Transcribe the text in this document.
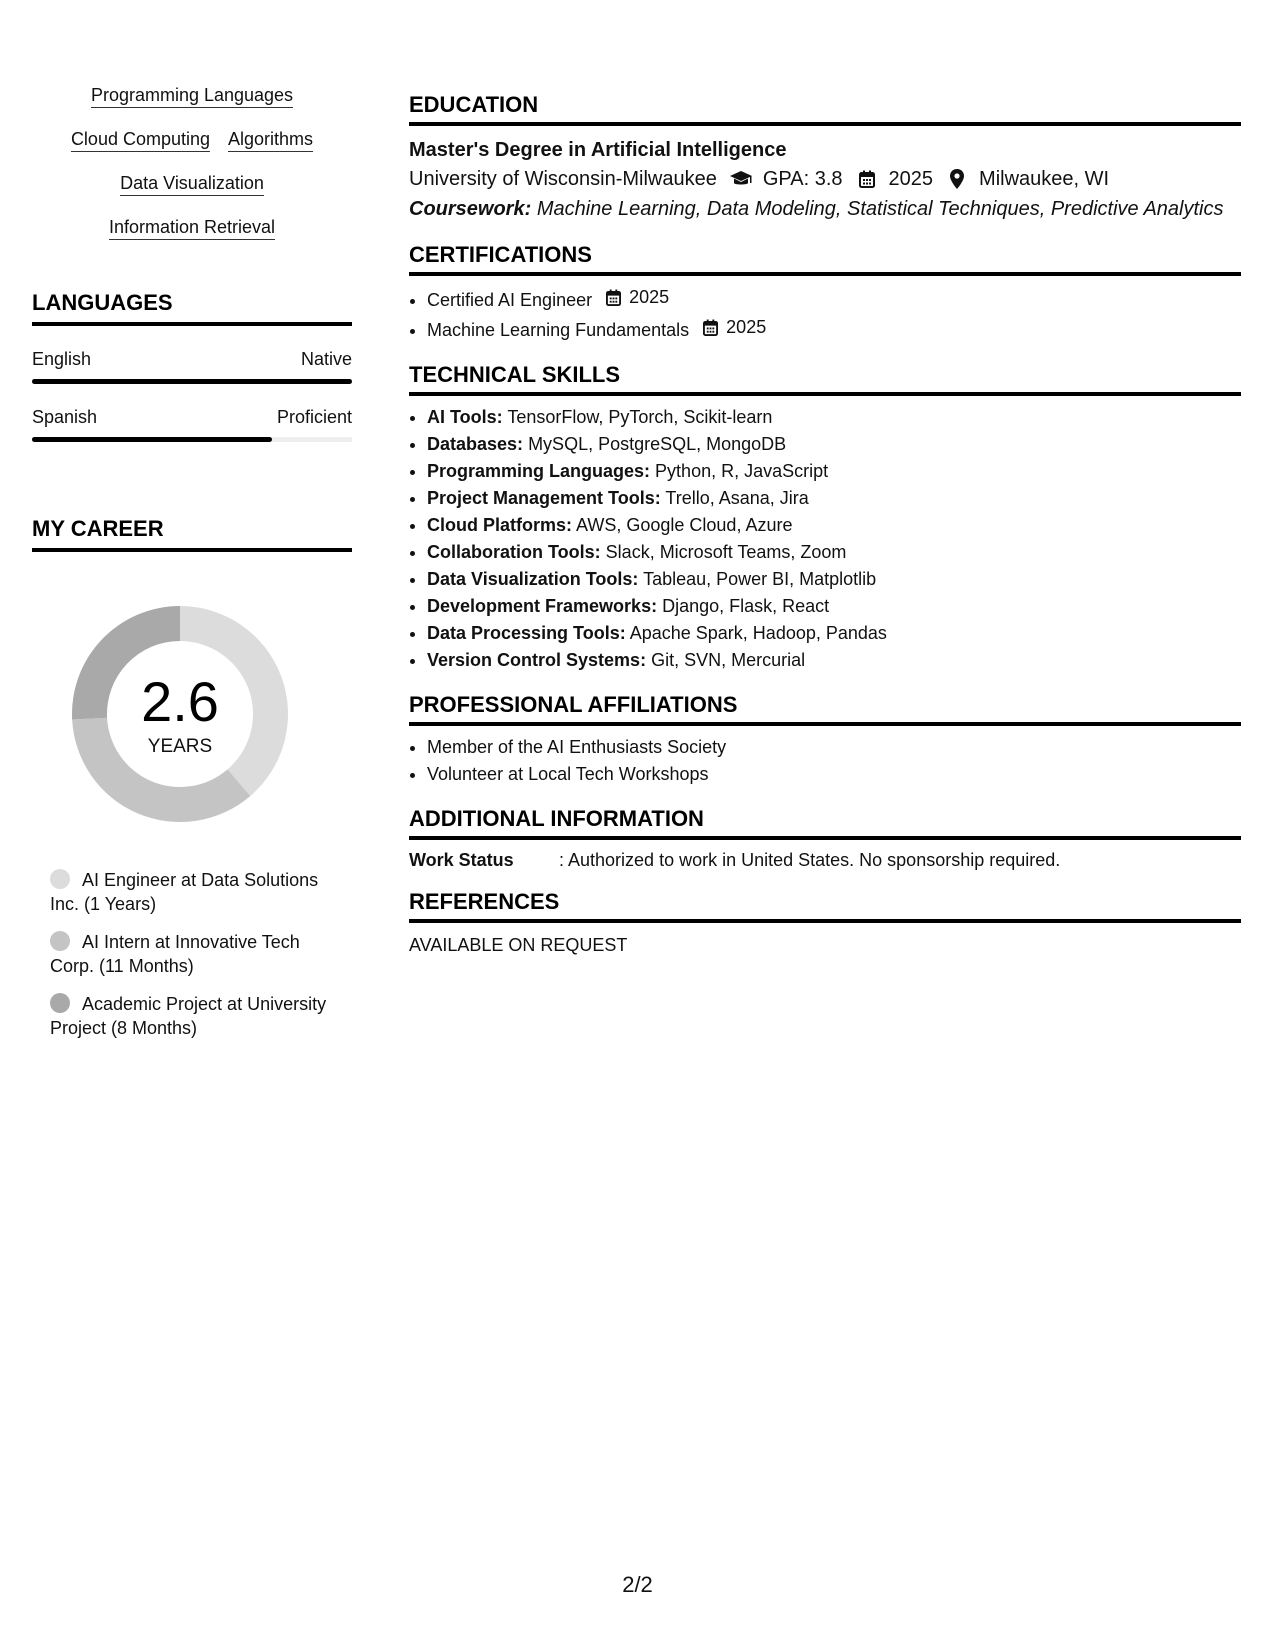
Programming Languages
Cloud Computing Algorithms
Data Visualization
Information Retrieval
LANGUAGES
English	Native
Spanish	Proficient
MY CAREER
2.6
YEARS
AI Engineer at Data Solutions Inc. (1 Years)
AI Intern at Innovative Tech Corp. (11 Months)
Academic Project at University Project (8 Months)
EDUCATION
Master's Degree in Artificial Intelligence
University of Wisconsin-Milwaukee GPA: 3.8 2025 Milwaukee, WI
Coursework: Machine Learning, Data Modeling, Statistical Techniques, Predictive Analytics
CERTIFICATIONS
• Certified AI Engineer 2025
• Machine Learning Fundamentals 2025
TECHNICAL SKILLS
• AI Tools: TensorFlow, PyTorch, Scikit-learn
• Databases: MySQL, PostgreSQL, MongoDB
• Programming Languages: Python, R, JavaScript
• Project Management Tools: Trello, Asana, Jira
• Cloud Platforms: AWS, Google Cloud, Azure
• Collaboration Tools: Slack, Microsoft Teams, Zoom
• Data Visualization Tools: Tableau, Power BI, Matplotlib
• Development Frameworks: Django, Flask, React
• Data Processing Tools: Apache Spark, Hadoop, Pandas
• Version Control Systems: Git, SVN, Mercurial
PROFESSIONAL AFFILIATIONS
• Member of the AI Enthusiasts Society
• Volunteer at Local Tech Workshops
ADDITIONAL INFORMATION
Work Status	: Authorized to work in United States. No sponsorship required.
REFERENCES
AVAILABLE ON REQUEST
2/2
